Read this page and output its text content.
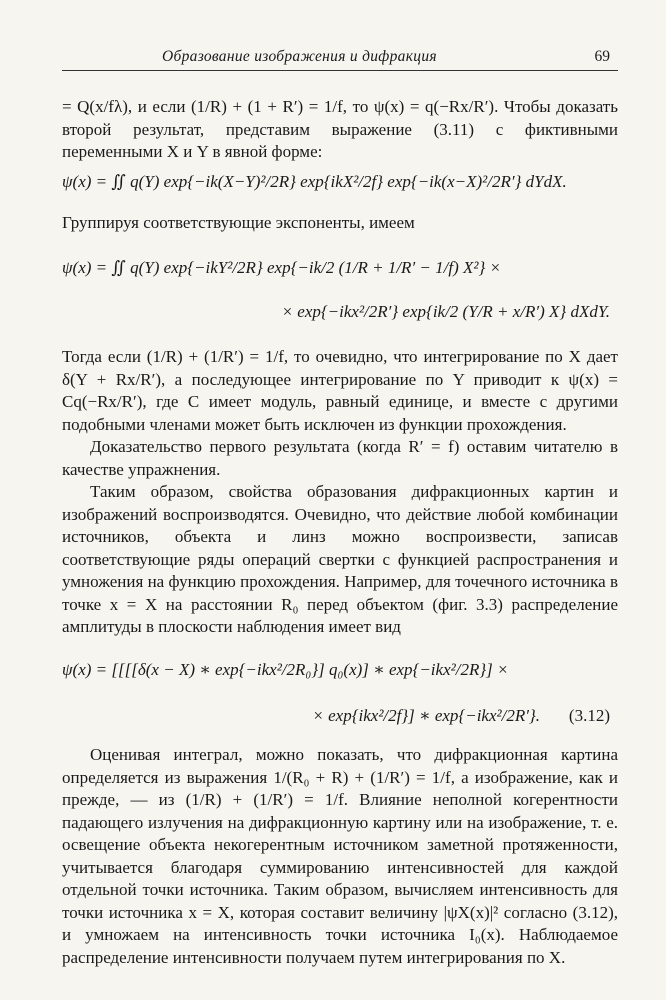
Образование изображения и дифракция	69

= Q(x/fλ), и если (1/R) + (1 + R′) = 1/f, то ψ(x) = q(−Rx/R′). Чтобы доказать второй результат, представим выражение (3.11) с фиктивными переменными X и Y в явной форме:

ψ(x) = ∬ q(Y) exp{−ik(X−Y)²/2R} exp{ikX²/2f} exp{−ik(x−X)²/2R′} dYdX.

Группируя соответствующие экспоненты, имеем

ψ(x) = ∬ q(Y) exp{−ikY²/2R} exp{−ik/2 (1/R + 1/R′ − 1/f) X²} ×
× exp{−ikx²/2R′} exp{ik/2 (Y/R + x/R′) X} dXdY.

Тогда если (1/R) + (1/R′) = 1/f, то очевидно, что интегрирование по X дает δ(Y + Rx/R′), а последующее интегрирование по Y приводит к ψ(x) = Cq(−Rx/R′), где C имеет модуль, равный единице, и вместе с другими подобными членами может быть исключен из функции прохождения.

Доказательство первого результата (когда R′ = f) оставим читателю в качестве упражнения.

Таким образом, свойства образования дифракционных картин и изображений воспроизводятся. Очевидно, что действие любой комбинации источников, объекта и линз можно воспроизвести, записав соответствующие ряды операций свертки с функцией распространения и умножения на функцию прохождения. Например, для точечного источника в точке x = X на расстоянии R₀ перед объектом (фиг. 3.3) распределение амплитуды в плоскости наблюдения имеет вид

ψ(x) = [[[[δ(x − X) ∗ exp{−ikx²/2R₀}] q₀(x)] ∗ exp{−ikx²/2R}] ×
× exp{ikx²/2f}] ∗ exp{−ikx²/2R′}. (3.12)

Оценивая интеграл, можно показать, что дифракционная картина определяется из выражения 1/(R₀ + R) + (1/R′) = 1/f, а изображение, как и прежде, — из (1/R) + (1/R′) = 1/f. Влияние неполной когерентности падающего излучения на дифракционную картину или на изображение, т. е. освещение объекта некогерентным источником заметной протяженности, учитывается благодаря суммированию интенсивностей для каждой отдельной точки источника. Таким образом, вычисляем интенсивность для точки источника x = X, которая составит величину |ψX(x)|² согласно (3.12), и умножаем на интенсивность точки источника I₀(x). Наблюдаемое распределение интенсивности получаем путем интегрирования по X.
